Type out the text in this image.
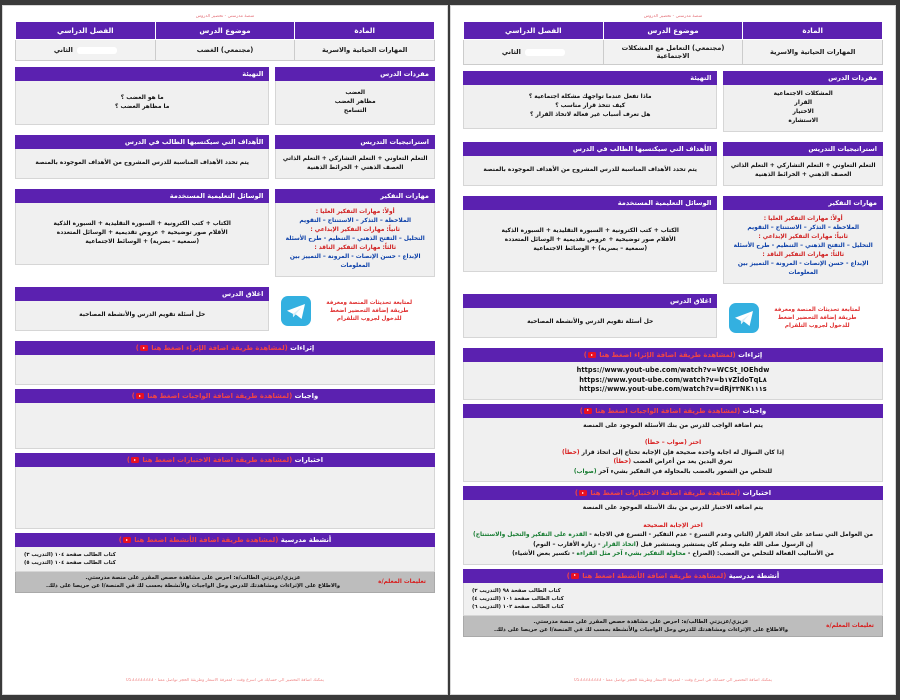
منصة مدرستي - تحضير الدروس
المادة	موضوع الدرس	الفصل الدراسي
المهارات الحياتية والاسرية	(مجتمعي) التعامل مع المشكلات الاجتماعية	الثاني
مفردات الدرس
المشكلات الاجتماعية
القرار
الاختيار
الاستشارة
التهيئة
ماذا تفعل عندما تواجهك مشكلة اجتماعية ؟
كيف تتخذ قرار مناسب ؟
هل تعرف أسباب غير فعالة لاتخاذ القرار ؟
استراتيجيات التدريس
التعلم التعاوني + التعلم التشاركي + التعلم الذاتي
العصف الذهني + الخرائط الذهنية
الأهداف التي سيكتسبها الطالب في الدرس
يتم تحدد الأهداف المناسبة للدرس المشروح من الأهداف الموجودة بالمنصة
مهارات التفكير
أولاً: مهارات التفكير العليا :
الملاحظة – التذكر – الاستنتاج – التقويم
ثانياً: مهارات التفكير الإبداعي :
التحليل – التفتح الذهني – التنظيم - طرح الأسئلة
ثالثاً: مهارات التفكير الناقد :
الإبداع - حسن الإنصات - المرونة – التمييز بين المعلومات
الوسائل التعليمية المستخدمة
الكتاب + كتب الكترونية + السبورة التقليدية + السبورة الذكية
الأقلام صور توضيحية + عروض تقديمية + الوسائل المتعددة
(سمعية – بصرية) + الوسائط الاجتماعية
لمتابعة تحديثات المنصة ومعرفة طريقة إضافة التحضير اضغط للدخول لجروب التلقرام
اغلاق الدرس
حل أسئلة تقويم الدرس والأنشطة المصاحبة
إثراءات (لمشاهدة طريقة اضافة الإثراء اضغط هنا )
https://www.yout-ube.com/watch?v=WCSt_IOEhdw
https://www.yout-ube.com/watch?v=b١٧ZldoTqL٨
https://www.yout-ube.com/watch?v=dRj٣٣NK١١١s
واجبات (لمشاهدة طريقة اضافة الواجبات اضغط هنا )
يتم اضافة الواجب للدرس من بنك الأسئلة الموجود على المنصة
اختر (صواب – خطأ)
إذا كان السؤال له اجابة واحدة صحيحة فإن الإجابة تحتاج إلى اتخاذ قرار (خطأ)
تعرق اليدين يعد من أعراض الغضب (خطأ)
للتخلص من الشعور بالغضب بالمحاولة في التفكير بشيء آخر (صواب)
اختبارات (لمشاهدة طريقة اضافة الاختبارات اضغط هنا )
يتم اضافة الاختبار للدرس من بنك الأسئلة الموجود على المنصة
اختر الإجابة الصحيحة
من العوامل التي تساعد على اتخاذ القرار (التاني وعدم التسرع - عدم التفكير - التسرع في الاجابة - القدرة على التفكير والتخيل والاستنتاج)
إن الرسول صلى الله عليه وسلم كان يستشير ويستشير قبل (اتخاذ القرار - زيارة الأقارب – النوم)
من الأساليب الفعالة للتخلص من الغضب: (الصراخ - محاولة التفكير بشيء آخر مثل القراءة - تكسير بعض الأشياء)
أنشطة مدرسية (لمشاهدة طريقة اضافة الأنشطة اضغط هنا )
كتاب الطالب صفحة ٩٨ (التدريب ٢)
كتاب الطالب صفحة ١٠١ (التدريب ٤)
كتاب الطالب صفحة ١٠٢ (التدريب ٦)
تعليمات المعلم/ة
عزيزي/عزيزتي الطالب/ة: احرص على مشاهدة حصص المقرر على منصة مدرستي.
والاطلاع على الإثراءات ومشاهدتك للدرس وحل الواجبات والأنشطة بحسب لك في المنصة/ا عن حريصا على ذلك.
يمكنك اضافة التحضير الي حسابك في اسرع وقت - لمعرفة الأسعار وطريقة الحجز تواصل معنا - 0533333333
منصة مدرستي - تحضير الدروس
المادة	موضوع الدرس	الفصل الدراسي
المهارات الحياتية والاسرية	(مجتمعي) الغضب	الثاني
مفردات الدرس
الغضب
مظاهر الغضب
التسامح
التهيئة
ما هو الغضب ؟
ما مظاهر الغضب ؟
استراتيجيات التدريس
التعلم التعاوني + التعلم التشاركي + التعلم الذاتي
العصف الذهني + الخرائط الذهنية
الأهداف التي سيكتسبها الطالب في الدرس
يتم تحدد الأهداف المناسبة للدرس المشروح من الأهداف الموجودة بالمنصة
مهارات التفكير
أولاً: مهارات التفكير العليا :
الملاحظة – التذكر – الاستنتاج – التقويم
ثانياً: مهارات التفكير الإبداعي :
التحليل – التفتح الذهني – التنظيم - طرح الأسئلة
ثالثاً: مهارات التفكير الناقد :
الإبداع - حسن الإنصات - المرونة – التمييز بين المعلومات
الوسائل التعليمية المستخدمة
الكتاب + كتب الكترونية + السبورة التقليدية + السبورة الذكية
الأقلام صور توضيحية + عروض تقديمية + الوسائل المتعددة
(سمعية – بصرية) + الوسائط الاجتماعية
لمتابعة تحديثات المنصة ومعرفة طريقة إضافة التحضير اضغط للدخول لجروب التلقرام
اغلاق الدرس
حل أسئلة تقويم الدرس والأنشطة المصاحبة
إثراءات (لمشاهدة طريقة اضافة الإثراء اضغط هنا )
واجبات (لمشاهدة طريقة اضافة الواجبات اضغط هنا )
اختبارات (لمشاهدة طريقة اضافة الاختبارات اضغط هنا )
أنشطة مدرسية (لمشاهدة طريقة اضافة الأنشطة اضغط هنا )
كتاب الطالب صفحة ١٠٤ (التدريب ٣)
كتاب الطالب صفحة ١٠٤ (التدريب ٥)
تعليمات المعلم/ة
عزيزي/عزيزتي الطالب/ة: احرص على مشاهدة حصص المقرر على منصة مدرستي.
والاطلاع على الإثراءات ومشاهدتك للدرس وحل الواجبات والأنشطة بحسب لك في المنصة/ا عن حريصا على ذلك.
يمكنك اضافة التحضير الي حسابك في اسرع وقت - لمعرفة الأسعار وطريقة الحجز تواصل معنا - 0533333333
